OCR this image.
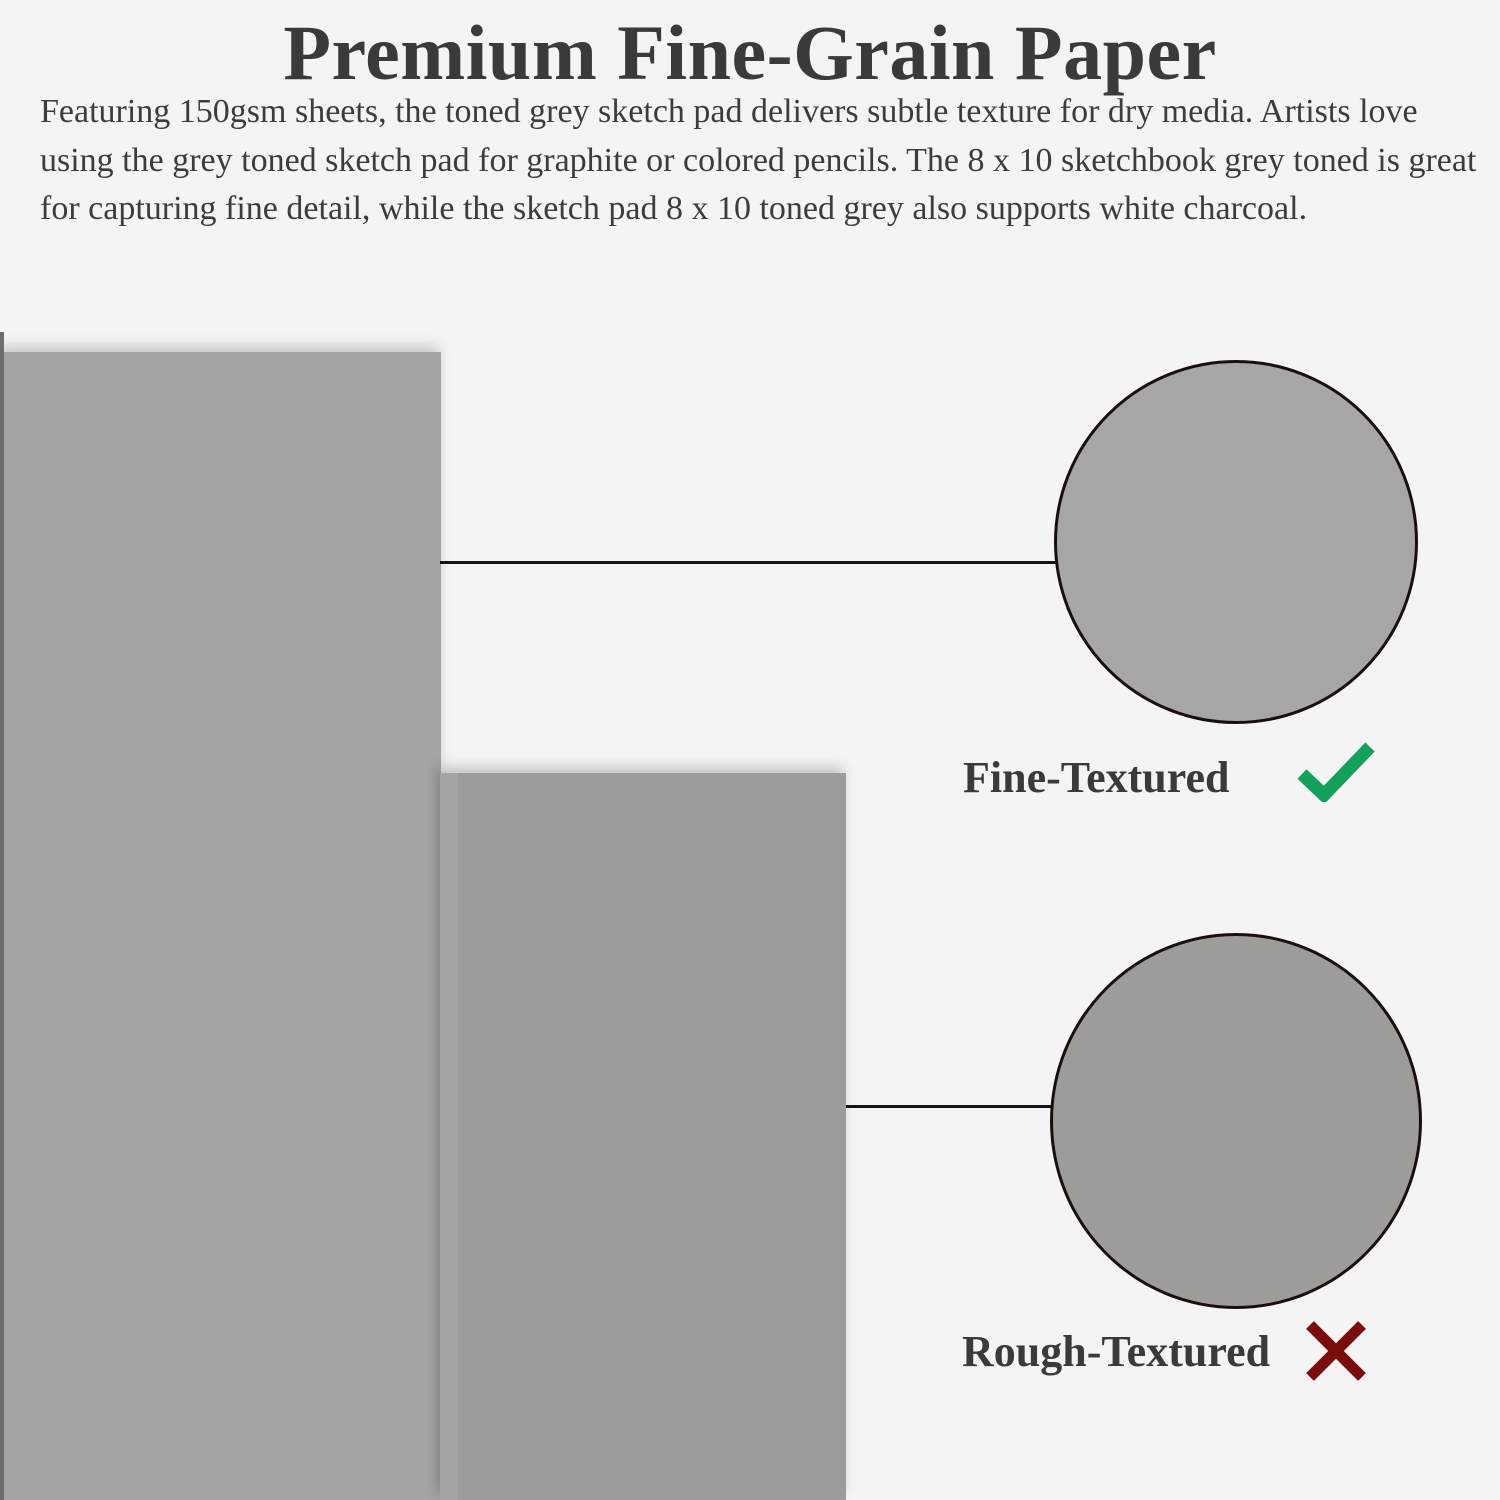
Premium Fine-Grain Paper
Featuring 150gsm sheets, the toned grey sketch pad delivers subtle texture for dry media. Artists love using the grey toned sketch pad for graphite or colored pencils. The 8 x 10 sketchbook grey toned is great for capturing fine detail, while the sketch pad 8 x 10 toned grey also supports white charcoal.
Fine-Textured
Rough-Textured
